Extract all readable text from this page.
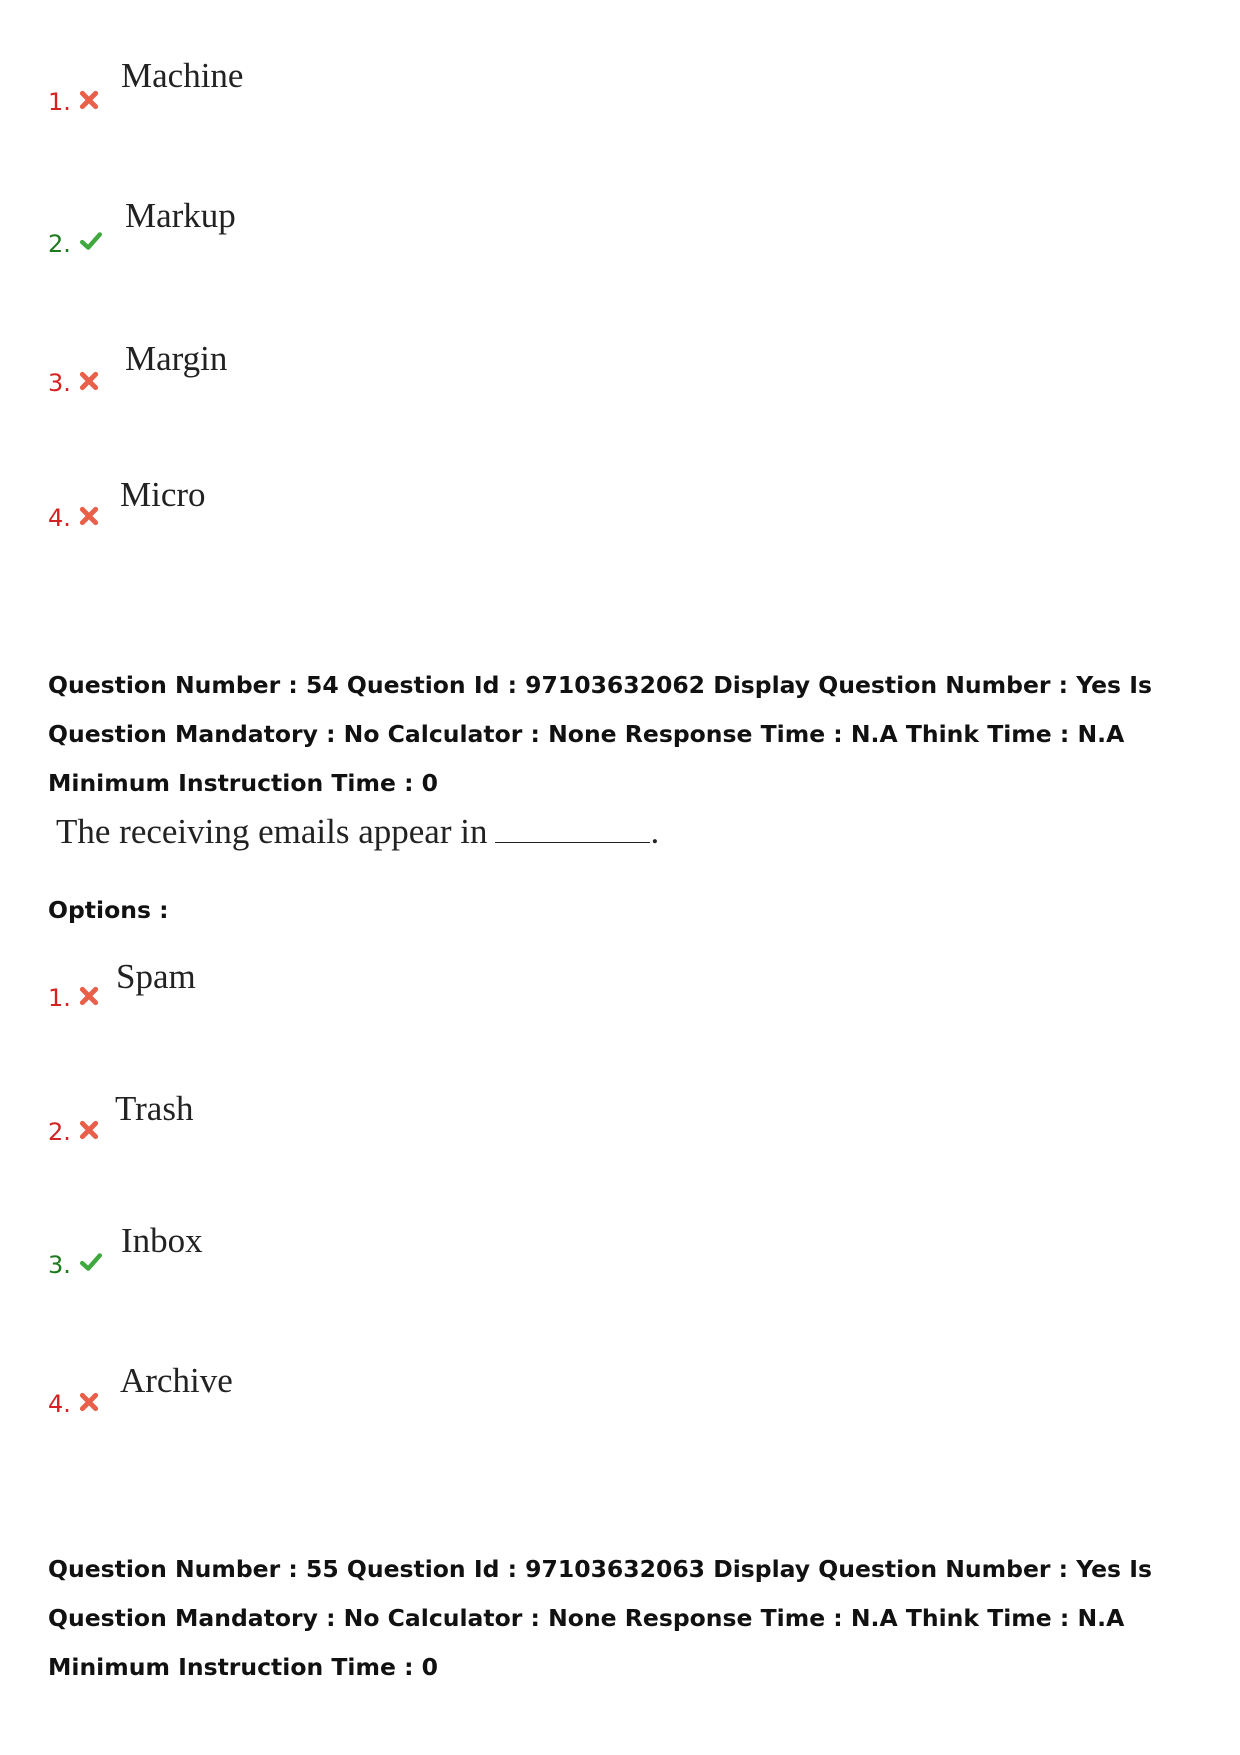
1.
Machine
2.
Markup
3.
Margin
4.
Micro
Question Number : 54 Question Id : 97103632062 Display Question Number : Yes Is Question Mandatory : No Calculator : None Response Time : N.A Think Time : N.A Minimum Instruction Time : 0
The receiving emails appear in	.
Options :
1.
Spam
2.
Trash
3.
Inbox
4.
Archive
Question Number : 55 Question Id : 97103632063 Display Question Number : Yes Is Question Mandatory : No Calculator : None Response Time : N.A Think Time : N.A Minimum Instruction Time : 0
